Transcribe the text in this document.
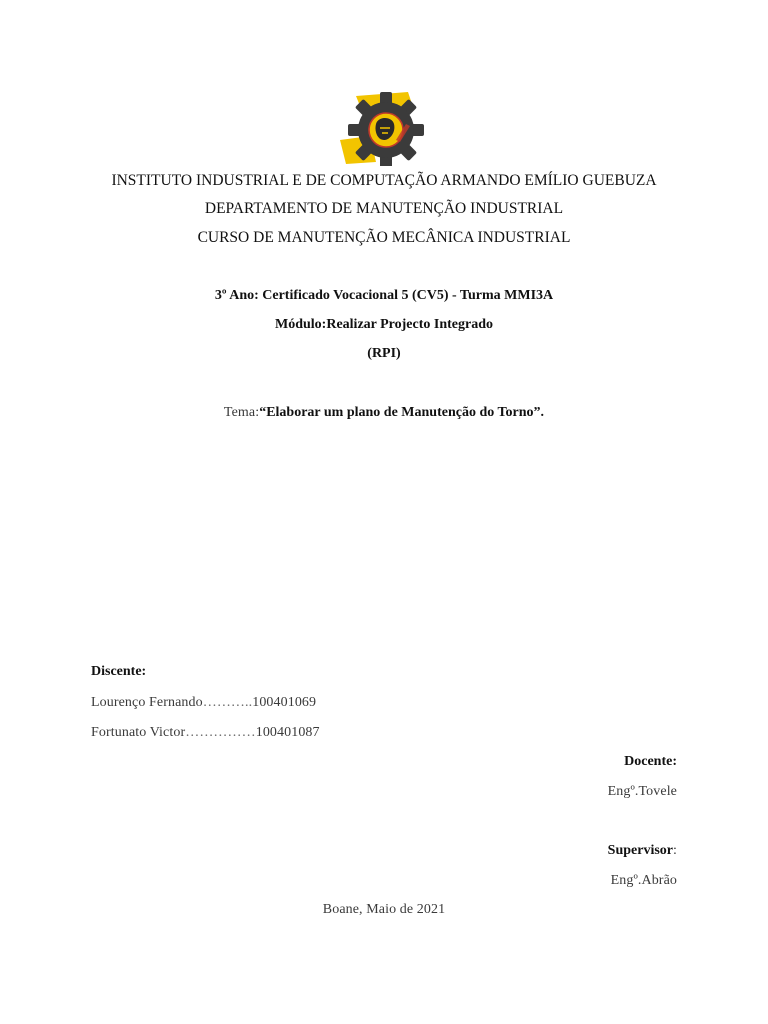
INSTITUTO INDUSTRIAL E DE COMPUTAÇÃO ARMANDO EMÍLIO GUEBUZA
DEPARTAMENTO DE MANUTENÇÃO INDUSTRIAL
CURSO DE MANUTENÇÃO MECÂNICA INDUSTRIAL
3º Ano: Certificado Vocacional 5 (CV5) - Turma MMI3A
Módulo:Realizar Projecto Integrado
(RPI)
Tema:“Elaborar um plano de Manutenção do Torno”.
Discente:
Lourenço Fernando………..100401069
Fortunato Victor……………100401087
Docente:
Engº.Tovele
Supervisor:
Engº.Abrão
Boane, Maio de 2021
